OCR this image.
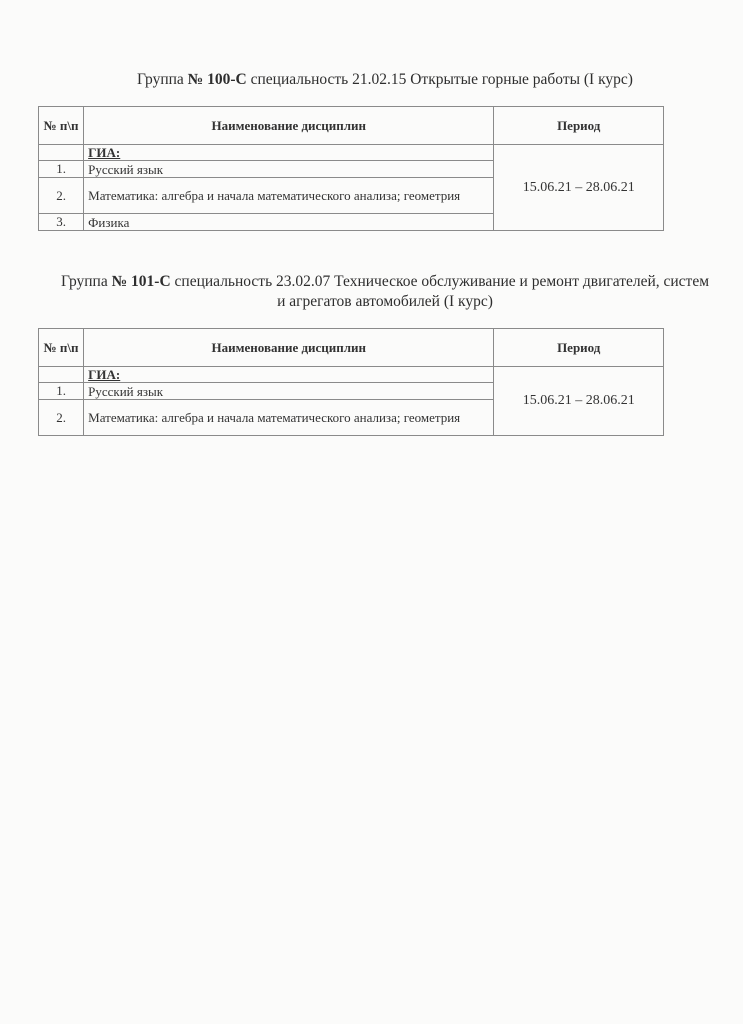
Группа № 100-С специальность 21.02.15 Открытые горные работы (I курс)
№ п\п	Наименование дисциплин	Период
	ГИА:	15.06.21 – 28.06.21
1.	Русский язык	
2.	Математика: алгебра и начала математического анализа; геометрия	
3.	Физика	
Группа № 101-С специальность 23.02.07 Техническое обслуживание и ремонт двигателей, систем и агрегатов автомобилей (I курс)
№ п\п	Наименование дисциплин	Период
	ГИА:	15.06.21 – 28.06.21
1.	Русский язык	
2.	Математика: алгебра и начала математического анализа; геометрия	
